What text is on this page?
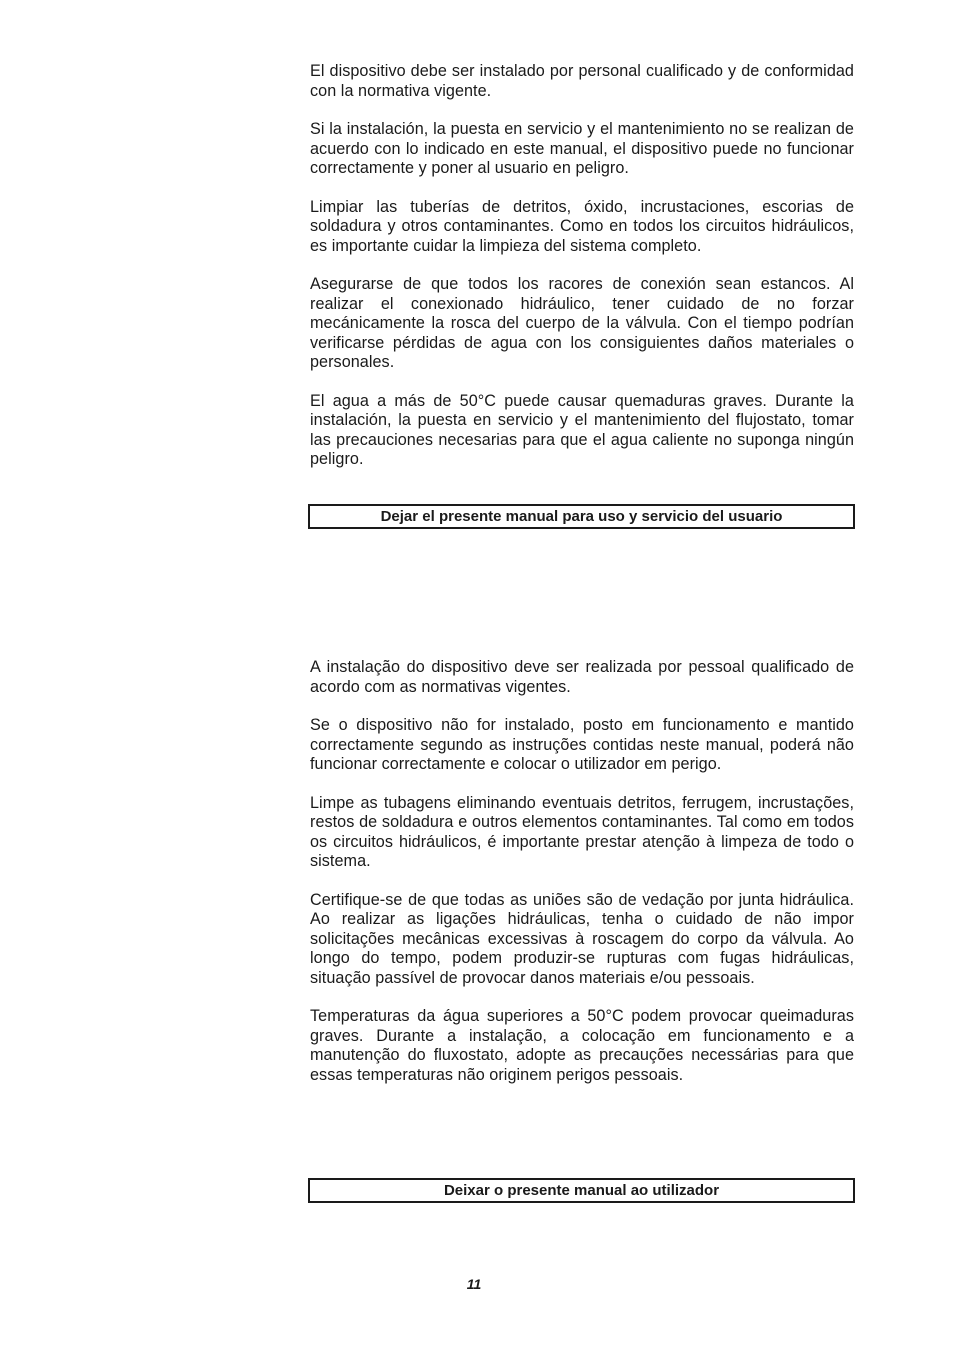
El dispositivo debe ser instalado por personal cualificado y de conformidad con la normativa vigente.

Si la instalación, la puesta en servicio y el mantenimiento no se realizan de acuerdo con lo indicado en este manual, el dispositivo puede no funcionar correctamente y poner al usuario en peligro.

Limpiar las tuberías de detritos, óxido, incrustaciones, escorias de soldadura y otros contaminantes. Como en todos los circuitos hidráulicos, es importante cuidar la limpieza del sistema completo.

Asegurarse de que todos los racores de conexión sean estancos. Al realizar el conexionado hidráulico, tener cuidado de no forzar mecánicamente la rosca del cuerpo de la válvula. Con el tiempo podrían verificarse pérdidas de agua con los consiguientes daños materiales o personales.

El agua a más de 50°C puede causar quemaduras graves. Durante la instalación, la puesta en servicio y el mantenimiento del flujostato, tomar las precauciones necesarias para que el agua caliente no suponga ningún peligro.

Dejar el presente manual para uso y servicio del usuario

A instalação do dispositivo deve ser realizada por pessoal qualificado de acordo com as normativas vigentes.

Se o dispositivo não for instalado, posto em funcionamento e mantido correctamente segundo as instruções contidas neste manual, poderá não funcionar correctamente e colocar o utilizador em perigo.

Limpe as tubagens eliminando eventuais detritos, ferrugem, incrustações, restos de soldadura e outros elementos contaminantes. Tal como em todos os circuitos hidráulicos, é importante prestar atenção à limpeza de todo o sistema.

Certifique-se de que todas as uniões são de vedação por junta hidráulica. Ao realizar as ligações hidráulicas, tenha o cuidado de não impor solicitações mecânicas excessivas à roscagem do corpo da válvula. Ao longo do tempo, podem produzir-se rupturas com fugas hidráulicas, situação passível de provocar danos materiais e/ou pessoais.

Temperaturas da água superiores a 50°C podem provocar queimaduras graves. Durante a instalação, a colocação em funcionamento e a manutenção do fluxostato, adopte as precauções necessárias para que essas temperaturas não originem perigos pessoais.

Deixar o presente manual ao utilizador
11
